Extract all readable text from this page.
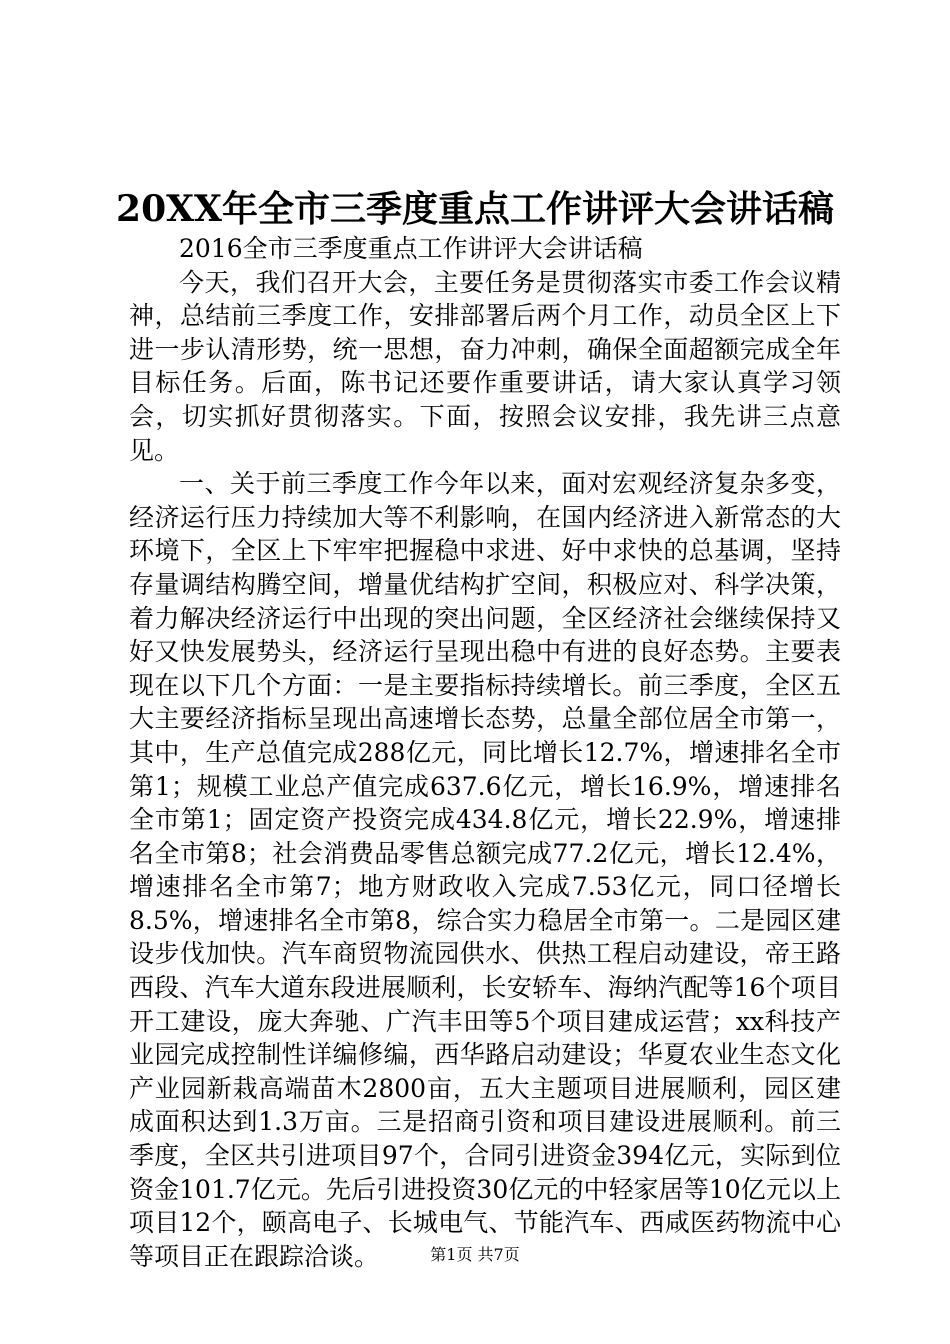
20XX年全市三季度重点工作讲评大会讲话稿

2016全市三季度重点工作讲评大会讲话稿

今天，我们召开大会，主要任务是贯彻落实市委工作会议精神，总结前三季度工作，安排部署后两个月工作，动员全区上下进一步认清形势，统一思想，奋力冲刺，确保全面超额完成全年目标任务。后面，陈书记还要作重要讲话，请大家认真学习领会，切实抓好贯彻落实。下面，按照会议安排，我先讲三点意见。

一、关于前三季度工作今年以来，面对宏观经济复杂多变，经济运行压力持续加大等不利影响，在国内经济进入新常态的大环境下，全区上下牢牢把握稳中求进、好中求快的总基调，坚持存量调结构腾空间，增量优结构扩空间，积极应对、科学决策，着力解决经济运行中出现的突出问题，全区经济社会继续保持又好又快发展势头，经济运行呈现出稳中有进的良好态势。主要表现在以下几个方面：一是主要指标持续增长。前三季度，全区五大主要经济指标呈现出高速增长态势，总量全部位居全市第一，其中，生产总值完成288亿元，同比增长12.7%，增速排名全市第1；规模工业总产值完成637.6亿元，增长16.9%，增速排名全市第1；固定资产投资完成434.8亿元，增长22.9%，增速排名全市第8；社会消费品零售总额完成77.2亿元，增长12.4%，增速排名全市第7；地方财政收入完成7.53亿元，同口径增长8.5%，增速排名全市第8，综合实力稳居全市第一。二是园区建设步伐加快。汽车商贸物流园供水、供热工程启动建设，帝王路西段、汽车大道东段进展顺利，长安轿车、海纳汽配等16个项目开工建设，庞大奔驰、广汽丰田等5个项目建成运营；xx科技产业园完成控制性详编修编，西华路启动建设；华夏农业生态文化产业园新栽高端苗木2800亩，五大主题项目进展顺利，园区建成面积达到1.3万亩。三是招商引资和项目建设进展顺利。前三季度，全区共引进项目97个，合同引进资金394亿元，实际到位资金101.7亿元。先后引进投资30亿元的中轻家居等10亿元以上项目12个，颐高电子、长城电气、节能汽车、西咸医药物流中心等项目正在跟踪洽谈。	第1页 共7页
